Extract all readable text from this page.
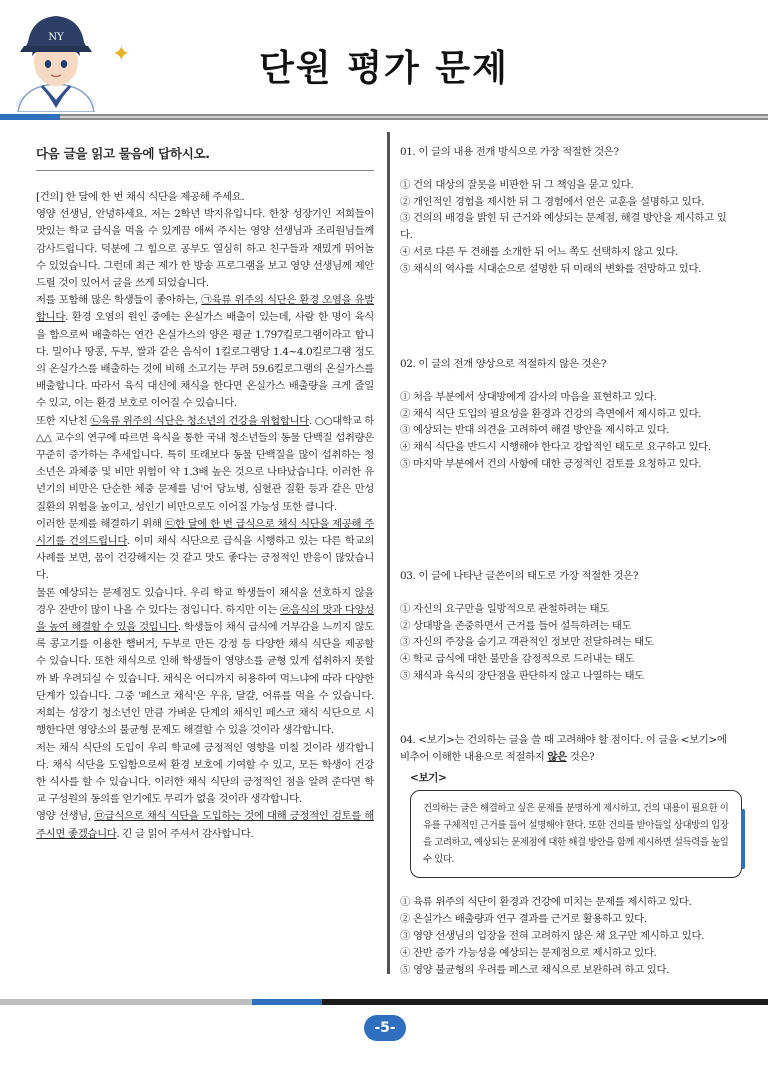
NY
✦	단원 평가 문제
다음 글을 읽고 물음에 답하시오.

[건의] 한 달에 한 번 채식 식단을 제공해 주세요.

영양 선생님, 안녕하세요. 저는 2학년 박지유입니다. 한창 성장기인 저희들이 맛있는 학교 급식을 먹을 수 있게끔 애써 주시는 영양 선생님과 조리원님들께 감사드립니다. 덕분에 그 힘으로 공부도 열심히 하고 친구들과 재밌게 뛰어놀 수 있었습니다. 그런데 최근 제가 한 방송 프로그램을 보고 영양 선생님께 제안드릴 것이 있어서 글을 쓰게 되었습니다.

저를 포함해 많은 학생들이 좋아하는, ㉠육류 위주의 식단은 환경 오염을 유발합니다. 환경 오염의 원인 중에는 온실가스 배출이 있는데, 사람 한 명이 육식을 함으로써 배출하는 연간 온실가스의 양은 평균 1.797킬로그램이라고 합니다. 밀이나 땅콩, 두부, 쌀과 같은 음식이 1킬로그램당 1.4~4.0킬로그램 정도의 온실가스를 배출하는 것에 비해 소고기는 무려 59.6킬로그램의 온실가스를 배출합니다. 따라서 육식 대신에 채식을 한다면 온실가스 배출량을 크게 줄일 수 있고, 이는 환경 보호로 이어질 수 있습니다.

또한 지난친 ㉡육류 위주의 식단은 청소년의 건강을 위협합니다. ○○대학교 하△△ 교수의 연구에 따르면 육식을 통한 국내 청소년들의 동물 단백질 섭취량은 꾸준히 증가하는 추세입니다. 특히 또래보다 동물 단백질을 많이 섭취하는 청소년은 과체중 및 비만 위험이 약 1.3배 높은 것으로 나타났습니다. 이러한 유년기의 비만은 단순한 체중 문제를 넘'어 당뇨병, 심혈관 질환 등과 같은 만성 질환의 위험을 높이고, 성인기 비만으로도 이어질 가능성 또한 큽니다.

이러한 문제를 해결하기 위해 ㉢한 달에 한 번 급식으로 채식 식단을 제공해 주시기를 건의드립니다. 이미 채식 식단으로 급식을 시행하고 있는 다른 학교의 사례를 보면, 몸이 건강해지는 것 같고 맛도 좋다는 긍정적인 반응이 많았습니다.

물론 예상되는 문제점도 있습니다. 우리 학교 학생들이 채식을 선호하지 않을 경우 잔반이 많이 나올 수 있다는 점입니다. 하지만 이는 ㉣음식의 맛과 다양성을 높여 해결할 수 있을 것입니다. 학생들이 채식 급식에 거부감을 느끼지 않도록 콩고기를 이용한 햄버거, 두부로 만든 강정 등 다양한 채식 식단을 제공할 수 있습니다. 또한 채식으로 인해 학생들이 영양소를 균형 있게 섭취하지 못할까 봐 우려되실 수 있습니다. 채식은 어디까지 허용하여 먹느냐에 따라 다양한 단계가 있습니다. 그중 '페스코 채식'은 우유, 달걀, 어류를 먹을 수 있습니다. 저희는 성장기 청소년인 만큼 가벼운 단계의 채식인 페스코 채식 식단으로 시행한다면 영양소의 불균형 문제도 해결할 수 있을 것이라 생각합니다.

저는 채식 식단의 도입이 우리 학교에 긍정적인 영향을 미칠 것이라 생각합니다. 채식 식단을 도입함으로써 환경 보호에 기여할 수 있고, 모든 학생이 건강한 식사를 할 수 있습니다. 이러한 채식 식단의 긍정적인 점을 알려 준다면 학교 구성원의 동의를 얻기에도 무리가 없을 것이라 생각합니다.

영양 선생님, ㉤급식으로 채식 식단을 도입하는 것에 대해 긍정적인 검토를 해 주시면 좋겠습니다. 긴 글 읽어 주셔서 감사합니다.

01. 이 글의 내용 전개 방식으로 가장 적절한 것은?

① 건의 대상의 잘못을 비판한 뒤 그 책임을 묻고 있다.

② 개인적인 경험을 제시한 뒤 그 경험에서 얻은 교훈을 설명하고 있다.

③ 건의의 배경을 밝힌 뒤 근거와 예상되는 문제점, 해결 방안을 제시하고 있다.

④ 서로 다른 두 견해를 소개한 뒤 어느 쪽도 선택하지 않고 있다.

⑤ 채식의 역사를 시대순으로 설명한 뒤 미래의 변화를 전망하고 있다.

02. 이 글의 전개 양상으로 적절하지 않은 것은?

① 처음 부분에서 상대방에게 감사의 마음을 표현하고 있다.

② 채식 식단 도입의 필요성을 환경과 건강의 측면에서 제시하고 있다.

③ 예상되는 반대 의견을 고려하여 해결 방안을 제시하고 있다.

④ 채식 식단을 반드시 시행해야 한다고 강압적인 태도로 요구하고 있다.

⑤ 마지막 부분에서 건의 사항에 대한 긍정적인 검토를 요청하고 있다.

03. 이 글에 나타난 글쓴이의 태도로 가장 적절한 것은?

① 자신의 요구만을 일방적으로 관철하려는 태도

② 상대방을 존중하면서 근거를 들어 설득하려는 태도

③ 자신의 주장을 숨기고 객관적인 정보만 전달하려는 태도

④ 학교 급식에 대한 불만을 감정적으로 드러내는 태도

⑤ 채식과 육식의 장단점을 판단하지 않고 나열하는 태도

04. <보기>는 건의하는 글을 쓸 때 고려해야 할 점이다. 이 글을 <보기>에 비추어 이해한 내용으로 적절하지 않은 것은?

<보기>
건의하는 글은 해결하고 싶은 문제를 분명하게 제시하고, 건의 내용이 필요한 이유를 구체적인 근거를 들어 설명해야 한다. 또한 건의를 받아들일 상대방의 입장을 고려하고, 예상되는 문제점에 대한 해결 방안을 함께 제시하면 설득력을 높일 수 있다.

① 육류 위주의 식단이 환경과 건강에 미치는 문제를 제시하고 있다.

② 온실가스 배출량과 연구 결과를 근거로 활용하고 있다.

③ 영양 선생님의 입장을 전혀 고려하지 않은 채 요구만 제시하고 있다.

④ 잔반 증가 가능성을 예상되는 문제점으로 제시하고 있다.

⑤ 영양 불균형의 우려를 페스코 채식으로 보완하려 하고 있다.

-5-
